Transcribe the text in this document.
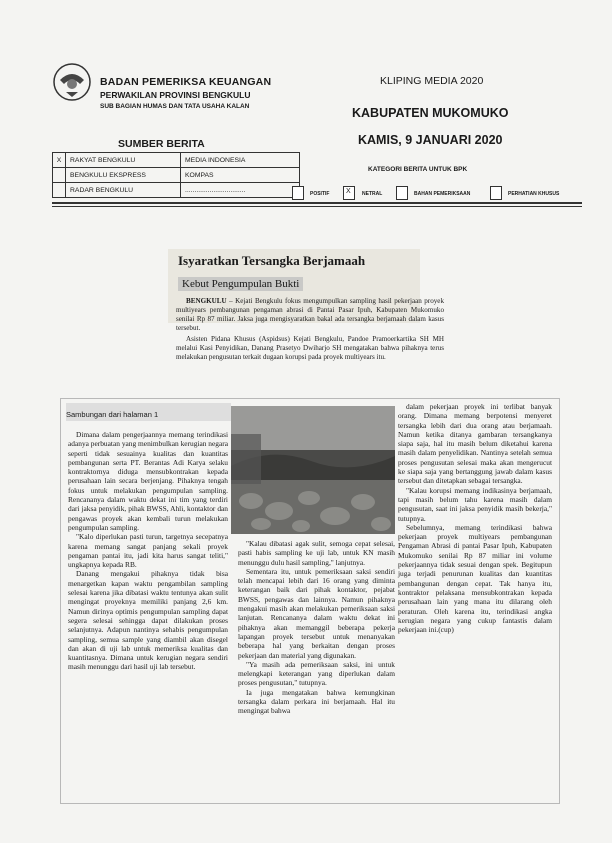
BADAN PEMERIKSA KEUANGAN
PERWAKILAN PROVINSI BENGKULU
SUB BAGIAN HUMAS DAN TATA USAHA KALAN
KLIPING MEDIA 2020
KABUPATEN MUKOMUKO
KAMIS, 9 JANUARI 2020
SUMBER BERITA
X	RAKYAT BENGKULU	MEDIA INDONESIA
	BENGKULU EKSPRESS	KOMPAS
	RADAR BENGKULU	................................
KATEGORI BERITA UNTUK BPK
POSITIF X NETRAL	BAHAN PEMERIKSAAN	PERHATIAN KHUSUS
Isyaratkan Tersangka Berjamaah
Kebut Pengumpulan Bukti

BENGKULU – Kejati Bengkulu fokus mengumpulkan sampling hasil pekerjaan proyek multiyears pembangunan pengaman abrasi di Pantai Pasar Ipuh, Kabupaten Mukomuko senilai Rp 87 miliar. Jaksa juga mengisyaratkan bakal ada tersangka berjamaah dalam kasus tersebut.

Asisten Pidana Khusus (Aspidsus) Kejati Bengkulu, Pandoe Pramoerkartika SH MH melalui Kasi Penyidikan, Danang Prasetyo Dwiharjo SH mengatakan bahwa pihaknya terus melakukan pengusutan terkait dugaan korupsi pada proyek multiyears itu.

Sambungan dari halaman 1

Dimana dalam pengerjaannya memang terindikasi adanya perbuatan yang menimbulkan kerugian negara seperti tidak sesuainya kualitas dan kuantitas pembangunan serta PT. Berantas Adi Karya selaku kontraktornya diduga mensubkontrakan kepada perusahaan lain secara berjenjang. Pihaknya tengah fokus untuk melakukan pengumpulan sampling. Rencananya dalam waktu dekat ini tim yang terdiri dari jaksa penyidik, pihak BWSS, Ahli, kontaktor dan pengawas proyek akan kembali turun melakukan pengumpulan sampling.

"Kalo diperlukan pasti turun, targetnya secepatnya karena memang sangat panjang sekali proyek pengaman pantai itu, jadi kita harus sangat teliti," ungkapnya kepada RB.

Danang mengakui pihaknya tidak bisa menargetkan kapan waktu pengambilan sampling selesai karena jika dibatasi waktu tentunya akan sulit mengingat proyeknya memiliki panjang 2,6 km. Namun dirinya optimis pengumpulan sampling dapat segera selesai sehingga dapat dilakukan proses selanjutnya. Adapun nantinya sehabis pengumpulan sampling, semua sample yang diambil akan disegel dan akan di uji lab untuk memeriksa kualitas dan kuantitasnya. Dimana untuk kerugian negara sendiri masih menunggu dari hasil uji lab tersebut.

"Kalau dibatasi agak sulit, semoga cepat selesai, pasti habis sampling ke uji lab, untuk KN masih menunggu dulu hasil sampling," lanjutnya.

Sementara itu, untuk pemeriksaan saksi sendiri telah mencapai lebih dari 16 orang yang diminta keterangan baik dari pihak kontaktor, pejabat BWSS, pengawas dan lainnya. Namun pihaknya mengakui masih akan melakukan pemeriksaan saksi lanjutan. Rencananya dalam waktu dekat ini pihaknya akan memanggil beberapa pekerja lapangan proyek tersebut untuk menanyakan beberapa hal yang berkaitan dengan proses pekerjaan dan material yang digunakan.

"Ya masih ada pemeriksaan saksi, ini untuk melengkapi keterangan yang diperlukan dalam proses pengusutan," tutupnya.

Ia juga mengatakan bahwa kemungkinan tersangka dalam perkara ini berjamaah. Hal itu mengingat bahwa

dalam pekerjaan proyek ini terlibat banyak orang. Dimana memang berpotensi menyeret tersangka lebih dari dua orang atau berjamaah. Namun ketika ditanya gambaran tersangkanya siapa saja, hal itu masih belum diketahui karena masih dalam penyelidikan. Nantinya setelah semua proses pengusutan selesai maka akan mengerucut ke siapa saja yang bertanggung jawab dalam kasus tersebut dan ditetapkan sebagai tersangka.

"Kalau korupsi memang indikasinya berjamaah, tapi masih belum tahu karena masih dalam pengusutan, saat ini jaksa penyidik masih bekerja," tutupnya.

Sebelumnya, memang terindikasi bahwa pekerjaan proyek multiyears pembangunan Pengaman Abrasi di pantai Pasar Ipuh, Kabupaten Mukomuko senilai Rp 87 miliar ini volume pekerjaannya tidak sesuai dengan spek. Begitupun juga terjadi penurunan kualitas dan kuantitas pembangunan dengan cepat. Tak hanya itu, kontraktor pelaksana mensubkontrakan kepada perusahaan lain yang mana itu dilarang oleh peraturan. Oleh karena itu, terindikasi angka kerugian negara yang cukup fantastis dalam pekerjaan ini.(cup)
